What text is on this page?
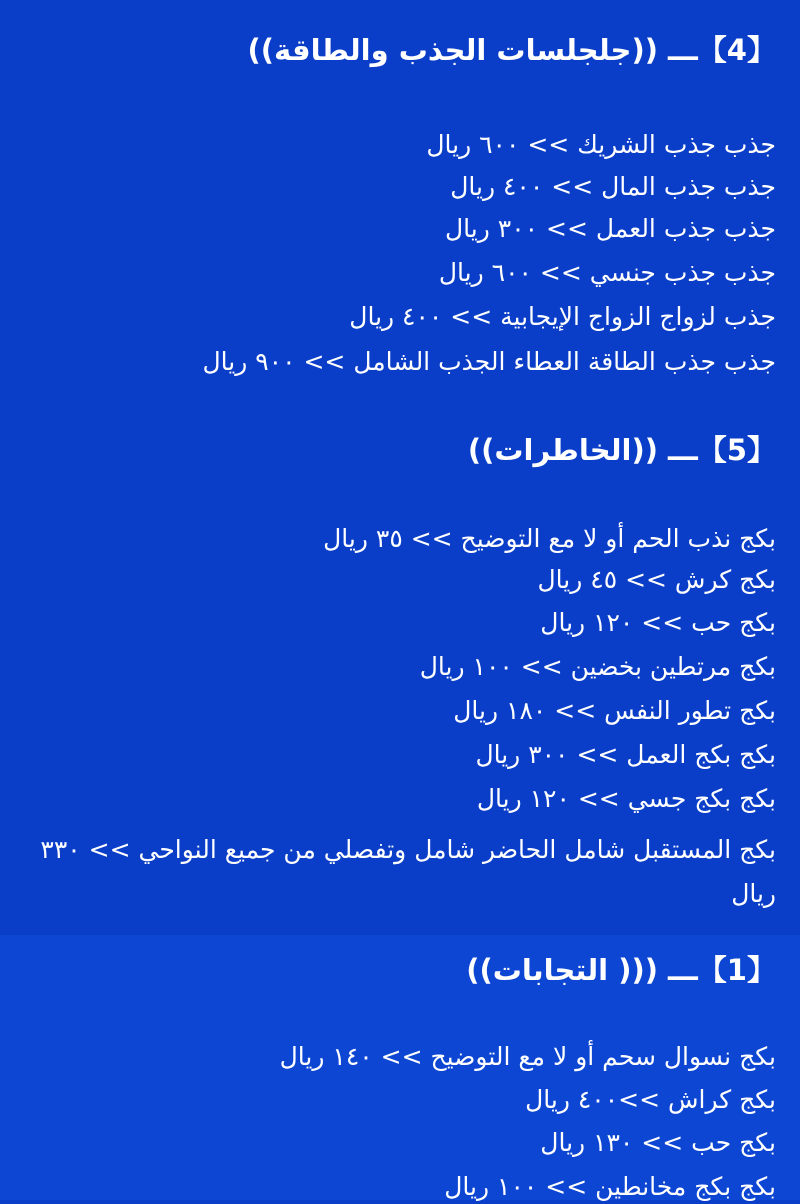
【4】ـــ ((جلجلسات الجذب والطاقة))
جذب جذب الشريك >> ٦٠٠ ريال
جذب جذب المال >> ٤٠٠ ريال
جذب جذب العمل >> ٣٠٠ ريال
جذب جذب جنسي >> ٦٠٠ ريال
جذب لزواج الزواج الإيجابية >> ٤٠٠ ريال
جذب جذب الطاقة العطاء الجذب الشامل >> ٩٠٠ ريال
【5】ـــ ((الخاطرات))
بكج نذب الحم أو لا مع التوضيح >> ٣٥ ريال
بكج كرش >> ٤٥ ريال
بكج حب >> ١٢٠ ريال
بكج مرتطين بخضين >> ١٠٠ ريال
بكج تطور النفس >> ١٨٠ ريال
بكج بكج العمل >> ٣٠٠ ريال
بكج بكج جسي >> ١٢٠ ريال
بكج المستقبل شامل الحاضر شامل وتفصلي من جميع النواحي >> ٣٣٠ ريال
【1】ـــ ((( التجابات))
بكج نسوال سحم أو لا مع التوضيح >> ١٤٠ ريال
بكج كراش >>٤٠٠ ريال
بكج حب >> ١٣٠ ريال
بكج بكج مخانطين >> ١٠٠ ريال
